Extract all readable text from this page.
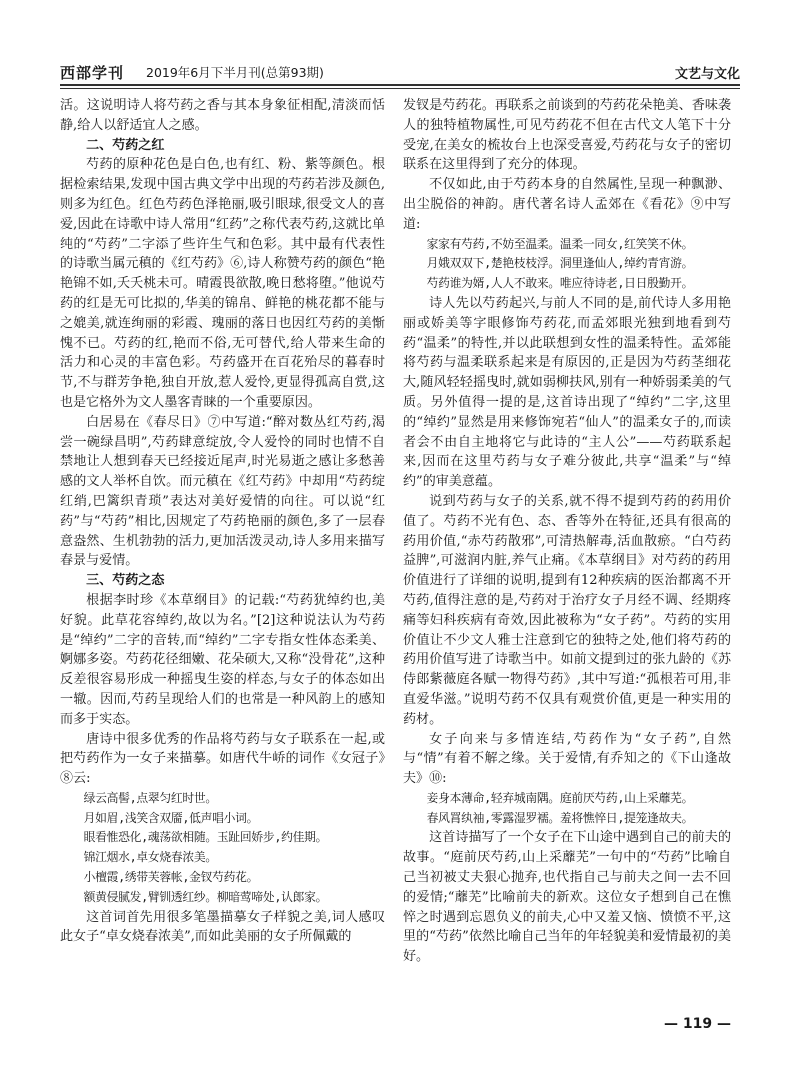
西部学刊 2019年6月下半月刊(总第93期)	文艺与文化

活。这说明诗人将芍药之香与其本身象征相配,清淡而恬静,给人以舒适宜人之感。

二、芍药之红

芍药的原种花色是白色,也有红、粉、紫等颜色。根据检索结果,发现中国古典文学中出现的芍药若涉及颜色,则多为红色。红色芍药色泽艳丽,吸引眼球,很受文人的喜爱,因此在诗歌中诗人常用“红药”之称代表芍药,这就比单纯的“芍药”二字添了些许生气和色彩。其中最有代表性的诗歌当属元稹的《红芍药》⑥,诗人称赞芍药的颜色“艳艳锦不如,夭夭桃未可。晴霞畏欲散,晚日愁将堕。”他说芍药的红是无可比拟的,华美的锦帛、鲜艳的桃花都不能与之媲美,就连绚丽的彩霞、瑰丽的落日也因红芍药的美惭愧不已。芍药的红,艳而不俗,无可替代,给人带来生命的活力和心灵的丰富色彩。芍药盛开在百花殆尽的暮春时节,不与群芳争艳,独自开放,惹人爱怜,更显得孤高自赏,这也是它格外为文人墨客青睐的一个重要原因。

白居易在《春尽日》⑦中写道:“醉对数丛红芍药,渴尝一碗绿昌明”,芍药肆意绽放,令人爱怜的同时也情不自禁地让人想到春天已经接近尾声,时光易逝之感让多愁善感的文人举杯自饮。而元稹在《红芍药》中却用“芍药绽红绡,巴篱织青琐”表达对美好爱情的向往。可以说“红药”与“芍药”相比,因规定了芍药艳丽的颜色,多了一层春意盎然、生机勃勃的活力,更加活泼灵动,诗人多用来描写春景与爱情。

三、芍药之态

根据李时珍《本草纲目》的记载:“芍药犹绰约也,美好貌。此草花容绰约,故以为名。”[2]这种说法认为芍药是“绰约”二字的音转,而“绰约”二字专指女性体态柔美、婀娜多姿。芍药花径细嫩、花朵硕大,又称“没骨花”,这种反差很容易形成一种摇曳生姿的样态,与女子的体态如出一辙。因而,芍药呈现给人们的也常是一种风韵上的感知而多于实态。

唐诗中很多优秀的作品将芍药与女子联系在一起,或把芍药作为一女子来描摹。如唐代牛峤的词作《女冠子》⑧云:

绿云高髻,点翠匀红时世。
月如眉,浅笑含双靥,低声唱小词。
眼看惟恐化,魂荡欲相随。玉趾回娇步,约佳期。
锦江烟水,卓女烧春浓美。
小檀霞,绣带芙蓉帐,金钗芍药花。
额黄侵腻发,臂钏透红纱。柳暗莺啼处,认郎家。

这首词首先用很多笔墨描摹女子样貌之美,词人感叹此女子“卓女烧春浓美”,而如此美丽的女子所佩戴的

发钗是芍药花。再联系之前谈到的芍药花朵艳美、香味袭人的独特植物属性,可见芍药花不但在古代文人笔下十分受宠,在美女的梳妆台上也深受喜爱,芍药花与女子的密切联系在这里得到了充分的体现。

不仅如此,由于芍药本身的自然属性,呈现一种飘渺、出尘脱俗的神韵。唐代著名诗人孟郊在《看花》⑨中写道:

家家有芍药,不妨至温柔。温柔一同女,红笑笑不休。
月娥双双下,楚艳枝枝浮。洞里逢仙人,绰约青宵游。
芍药谁为婿,人人不敢来。唯应待诗老,日日殷勤开。

诗人先以芍药起兴,与前人不同的是,前代诗人多用艳丽或娇美等字眼修饰芍药花,而孟郊眼光独到地看到芍药“温柔”的特性,并以此联想到女性的温柔特性。孟郊能将芍药与温柔联系起来是有原因的,正是因为芍药茎细花大,随风轻轻摇曳时,就如弱柳扶风,别有一种娇弱柔美的气质。另外值得一提的是,这首诗出现了“绰约”二字,这里的“绰约”显然是用来修饰宛若“仙人”的温柔女子的,而读者会不由自主地将它与此诗的“主人公”——芍药联系起来,因而在这里芍药与女子难分彼此,共享“温柔”与“绰约”的审美意蕴。

说到芍药与女子的关系,就不得不提到芍药的药用价值了。芍药不光有色、态、香等外在特征,还具有很高的药用价值,“赤芍药散邪”,可清热解毒,活血散瘀。“白芍药益脾”,可滋润内脏,养气止痛。《本草纲目》对芍药的药用价值进行了详细的说明,提到有12种疾病的医治都离不开芍药,值得注意的是,芍药对于治疗女子月经不调、经期疼痛等妇科疾病有奇效,因此被称为“女子药”。芍药的实用价值让不少文人雅士注意到它的独特之处,他们将芍药的药用价值写进了诗歌当中。如前文提到过的张九龄的《苏侍郎紫薇庭各赋一物得芍药》,其中写道:“孤根若可用,非直爱华滋。”说明芍药不仅具有观赏价值,更是一种实用的药材。

女子向来与多情连结,芍药作为“女子药”,自然与“情”有着不解之缘。关于爱情,有乔知之的《下山逢故夫》⑩:

妾身本薄命,轻弃城南隅。庭前厌芍药,山上采蘼芜。
春风罥纨袖,零露湿罗襦。羞将憔悴日,提笼逢故夫。

这首诗描写了一个女子在下山途中遇到自己的前夫的故事。“庭前厌芍药,山上采蘼芜”一句中的“芍药”比喻自己当初被丈夫狠心抛弃,也代指自己与前夫之间一去不回的爱情;“蘼芜”比喻前夫的新欢。这位女子想到自己在憔悴之时遇到忘恩负义的前夫,心中又羞又恼、愤愤不平,这里的“芍药”依然比喻自己当年的年轻貌美和爱情最初的美好。

— 119 —
